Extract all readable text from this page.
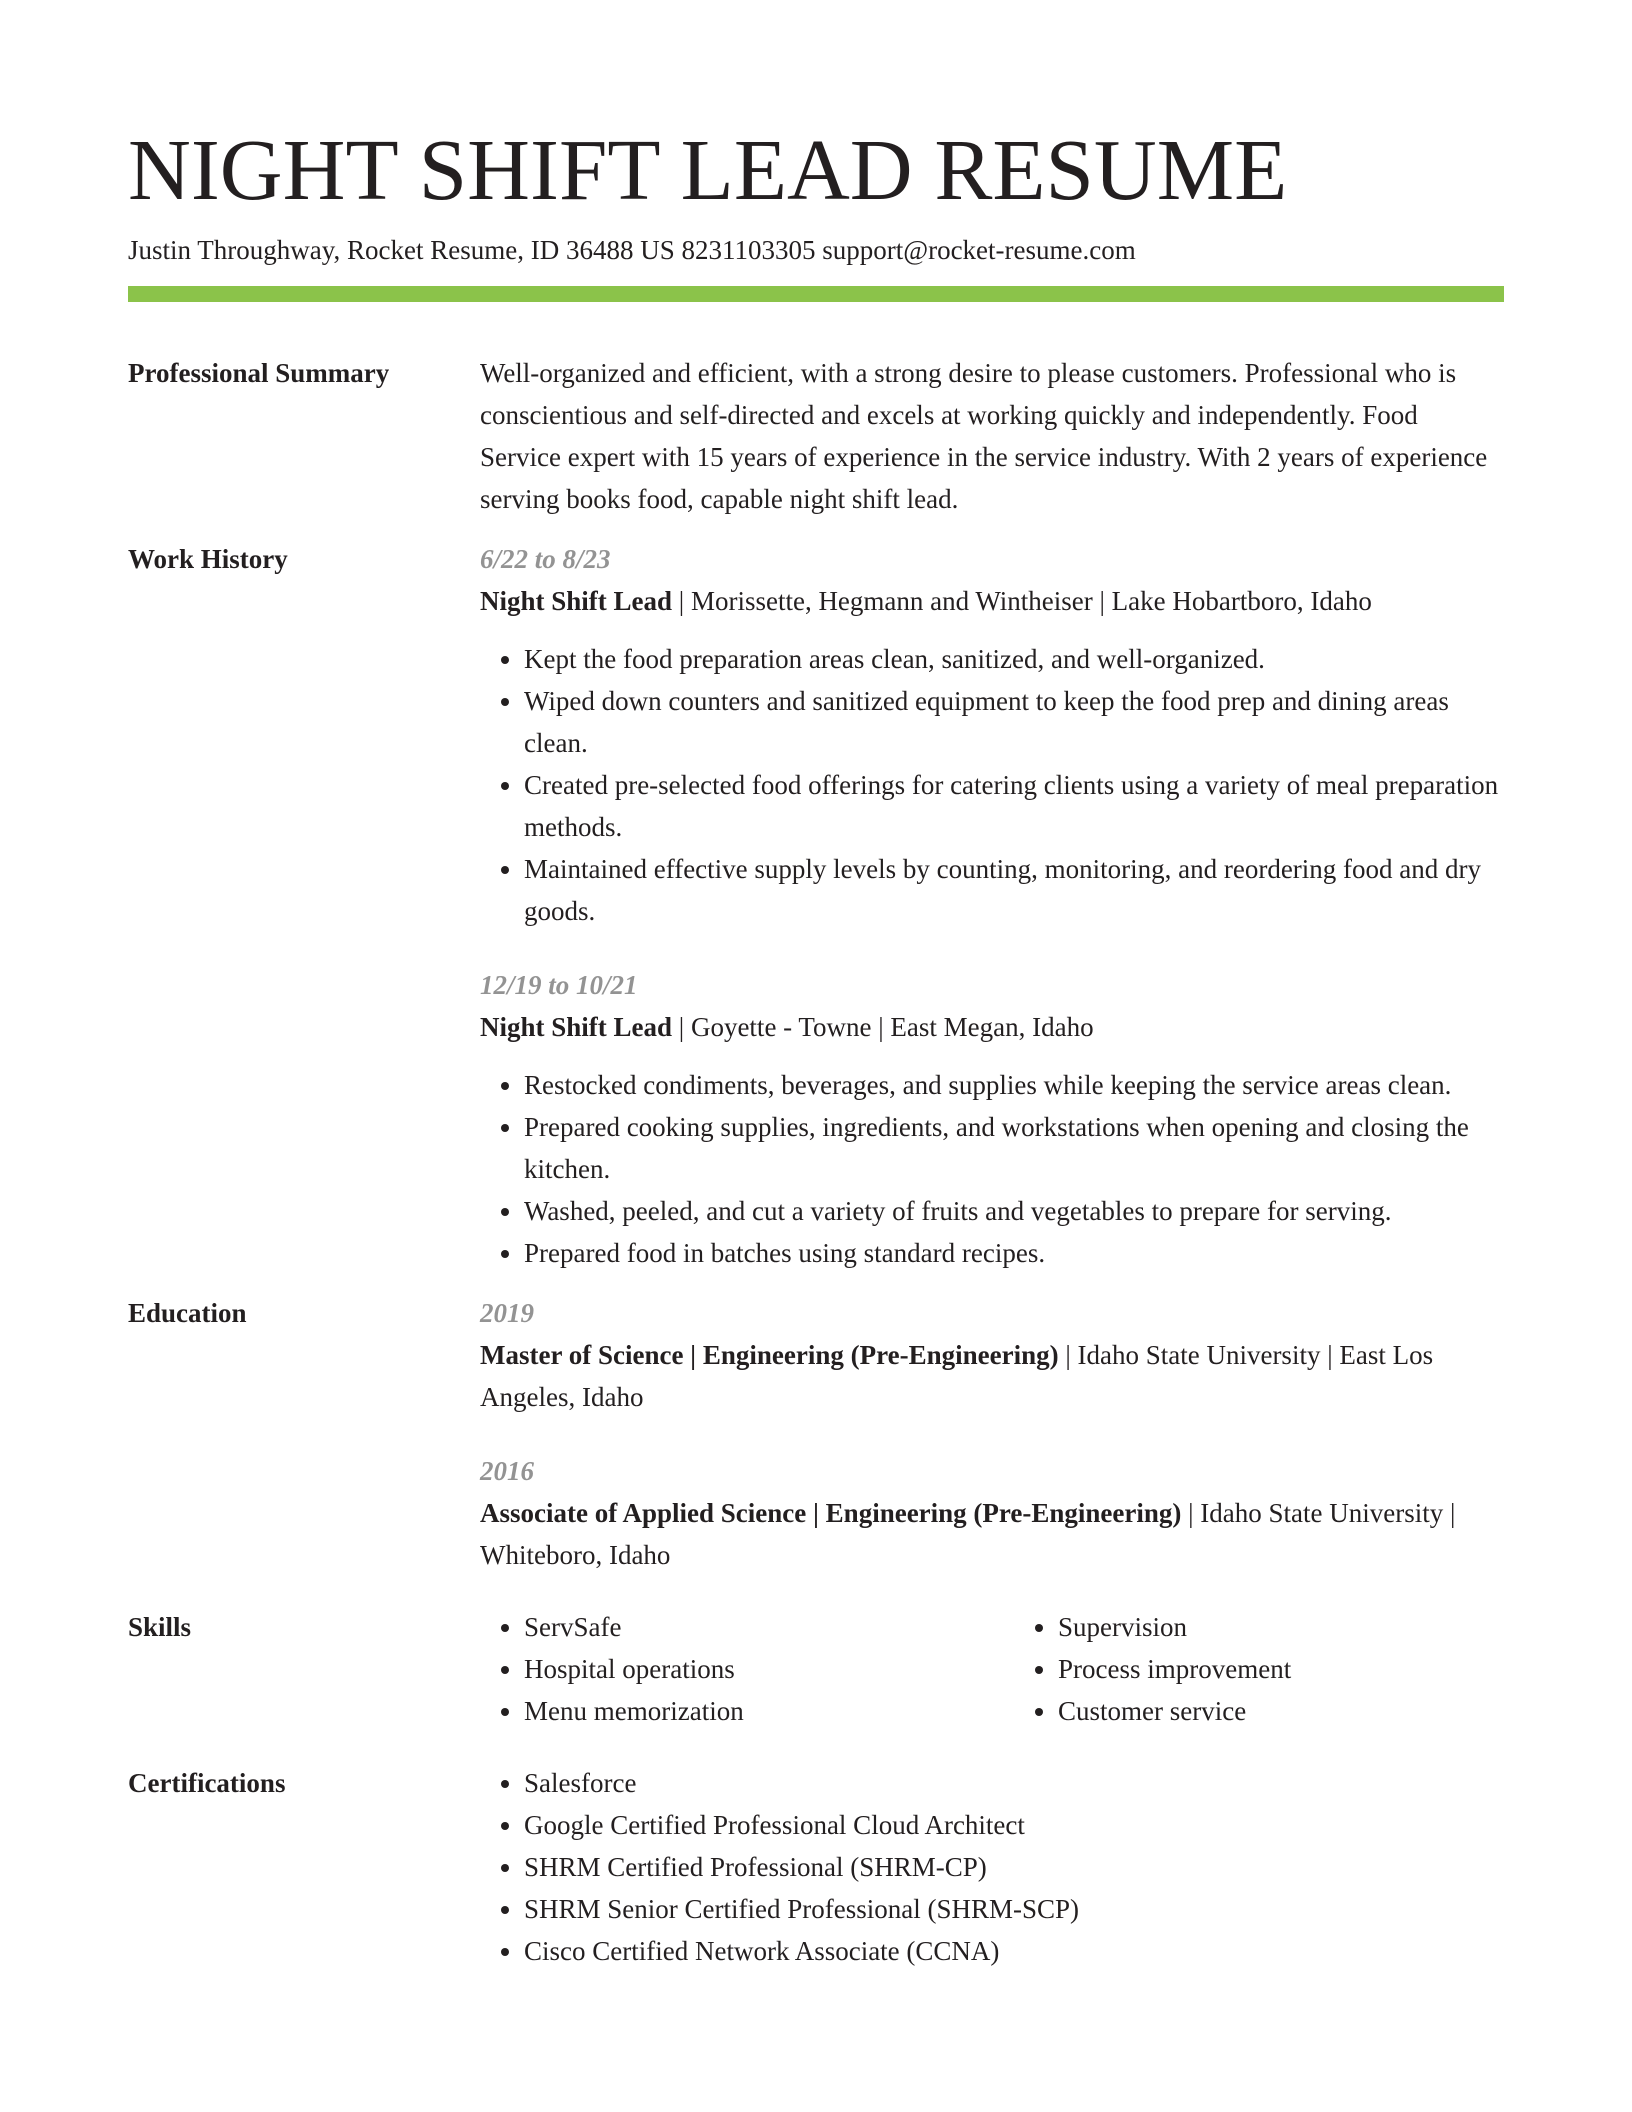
NIGHT SHIFT LEAD RESUME
Justin Throughway, Rocket Resume, ID 36488 US 8231103305 support@rocket-resume.com
Professional Summary	Well-organized and efficient, with a strong desire to please customers. Professional who is conscientious and self-directed and excels at working quickly and independently. Food Service expert with 15 years of experience in the service industry. With 2 years of experience serving books food, capable night shift lead.

Work History	6/22 to 8/23
Night Shift Lead | Morissette, Hegmann and Wintheiser | Lake Hobartboro, Idaho
• Kept the food preparation areas clean, sanitized, and well-organized.
• Wiped down counters and sanitized equipment to keep the food prep and dining areas clean.
• Created pre-selected food offerings for catering clients using a variety of meal preparation methods.
• Maintained effective supply levels by counting, monitoring, and reordering food and dry goods.
12/19 to 10/21
Night Shift Lead | Goyette - Towne | East Megan, Idaho
• Restocked condiments, beverages, and supplies while keeping the service areas clean.
• Prepared cooking supplies, ingredients, and workstations when opening and closing the kitchen.
• Washed, peeled, and cut a variety of fruits and vegetables to prepare for serving.
• Prepared food in batches using standard recipes.
Education	2019
Master of Science | Engineering (Pre-Engineering) | Idaho State University | East Los Angeles, Idaho
2016
Associate of Applied Science | Engineering (Pre-Engineering) | Idaho State University | Whiteboro, Idaho
Skills	• ServSafe
• Hospital operations
• Menu memorization
• Supervision
• Process improvement
• Customer service
Certifications	• Salesforce
• Google Certified Professional Cloud Architect
• SHRM Certified Professional (SHRM-CP)
• SHRM Senior Certified Professional (SHRM-SCP)
• Cisco Certified Network Associate (CCNA)
